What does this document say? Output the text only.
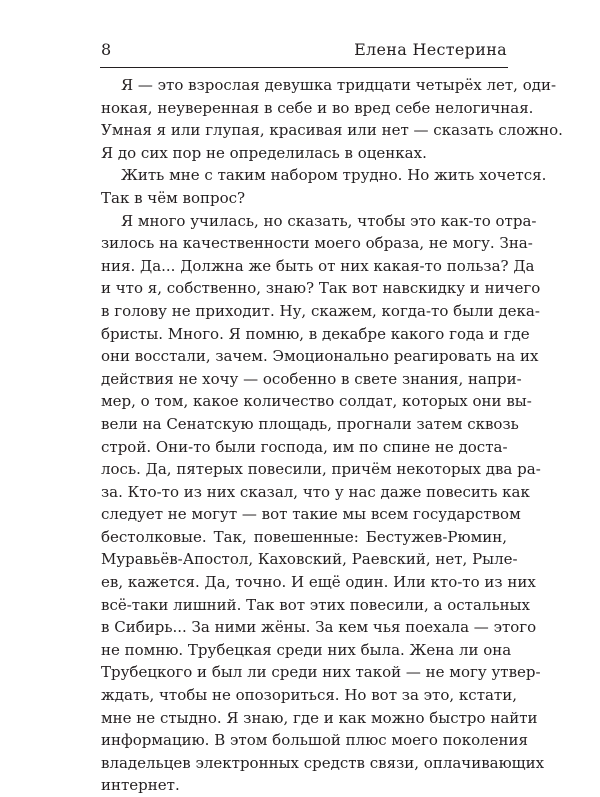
8	Елена Нестерина

Я — это взрослая девушка тридцати четырёх лет, оди-
нокая, неуверенная в себе и во вред себе нелогичная.
Умная я или глупая, красивая или нет — сказать сложно.
Я до сих пор не определилась в оценках.

Жить мне с таким набором трудно. Но жить хочется.
Так в чём вопрос?

Я много училась, но сказать, чтобы это как-то отра-
зилось на качественности моего образа, не могу. Зна-
ния. Да... Должна же быть от них какая-то польза? Да
и что я, собственно, знаю? Так вот навскидку и ничего
в голову не приходит. Ну, скажем, когда-то были дека-
бристы. Много. Я помню, в декабре какого года и где
они восстали, зачем. Эмоционально реагировать на их
действия не хочу — особенно в свете знания, напри-
мер, о том, какое количество солдат, которых они вы-
вели на Сенатскую площадь, прогнали затем сквозь
строй. Они-то были господа, им по спине не доста-
лось. Да, пятерых повесили, причём некоторых два ра-
за. Кто-то из них сказал, что у нас даже повесить как
следует не могут — вот такие мы всем государством
бестолковые. Так, повешенные: Бестужев-Рюмин,
Муравьёв-Апостол, Каховский, Раевский, нет, Рыле-
ев, кажется. Да, точно. И ещё один. Или кто-то из них
всё-таки лишний. Так вот этих повесили, а остальных
в Сибирь... За ними жёны. За кем чья поехала — этого
не помню. Трубецкая среди них была. Жена ли она
Трубецкого и был ли среди них такой — не могу утвер-
ждать, чтобы не опозориться. Но вот за это, кстати,
мне не стыдно. Я знаю, где и как можно быстро найти
информацию. В этом большой плюс моего поколения
владельцев электронных средств связи, оплачивающих
интернет.
